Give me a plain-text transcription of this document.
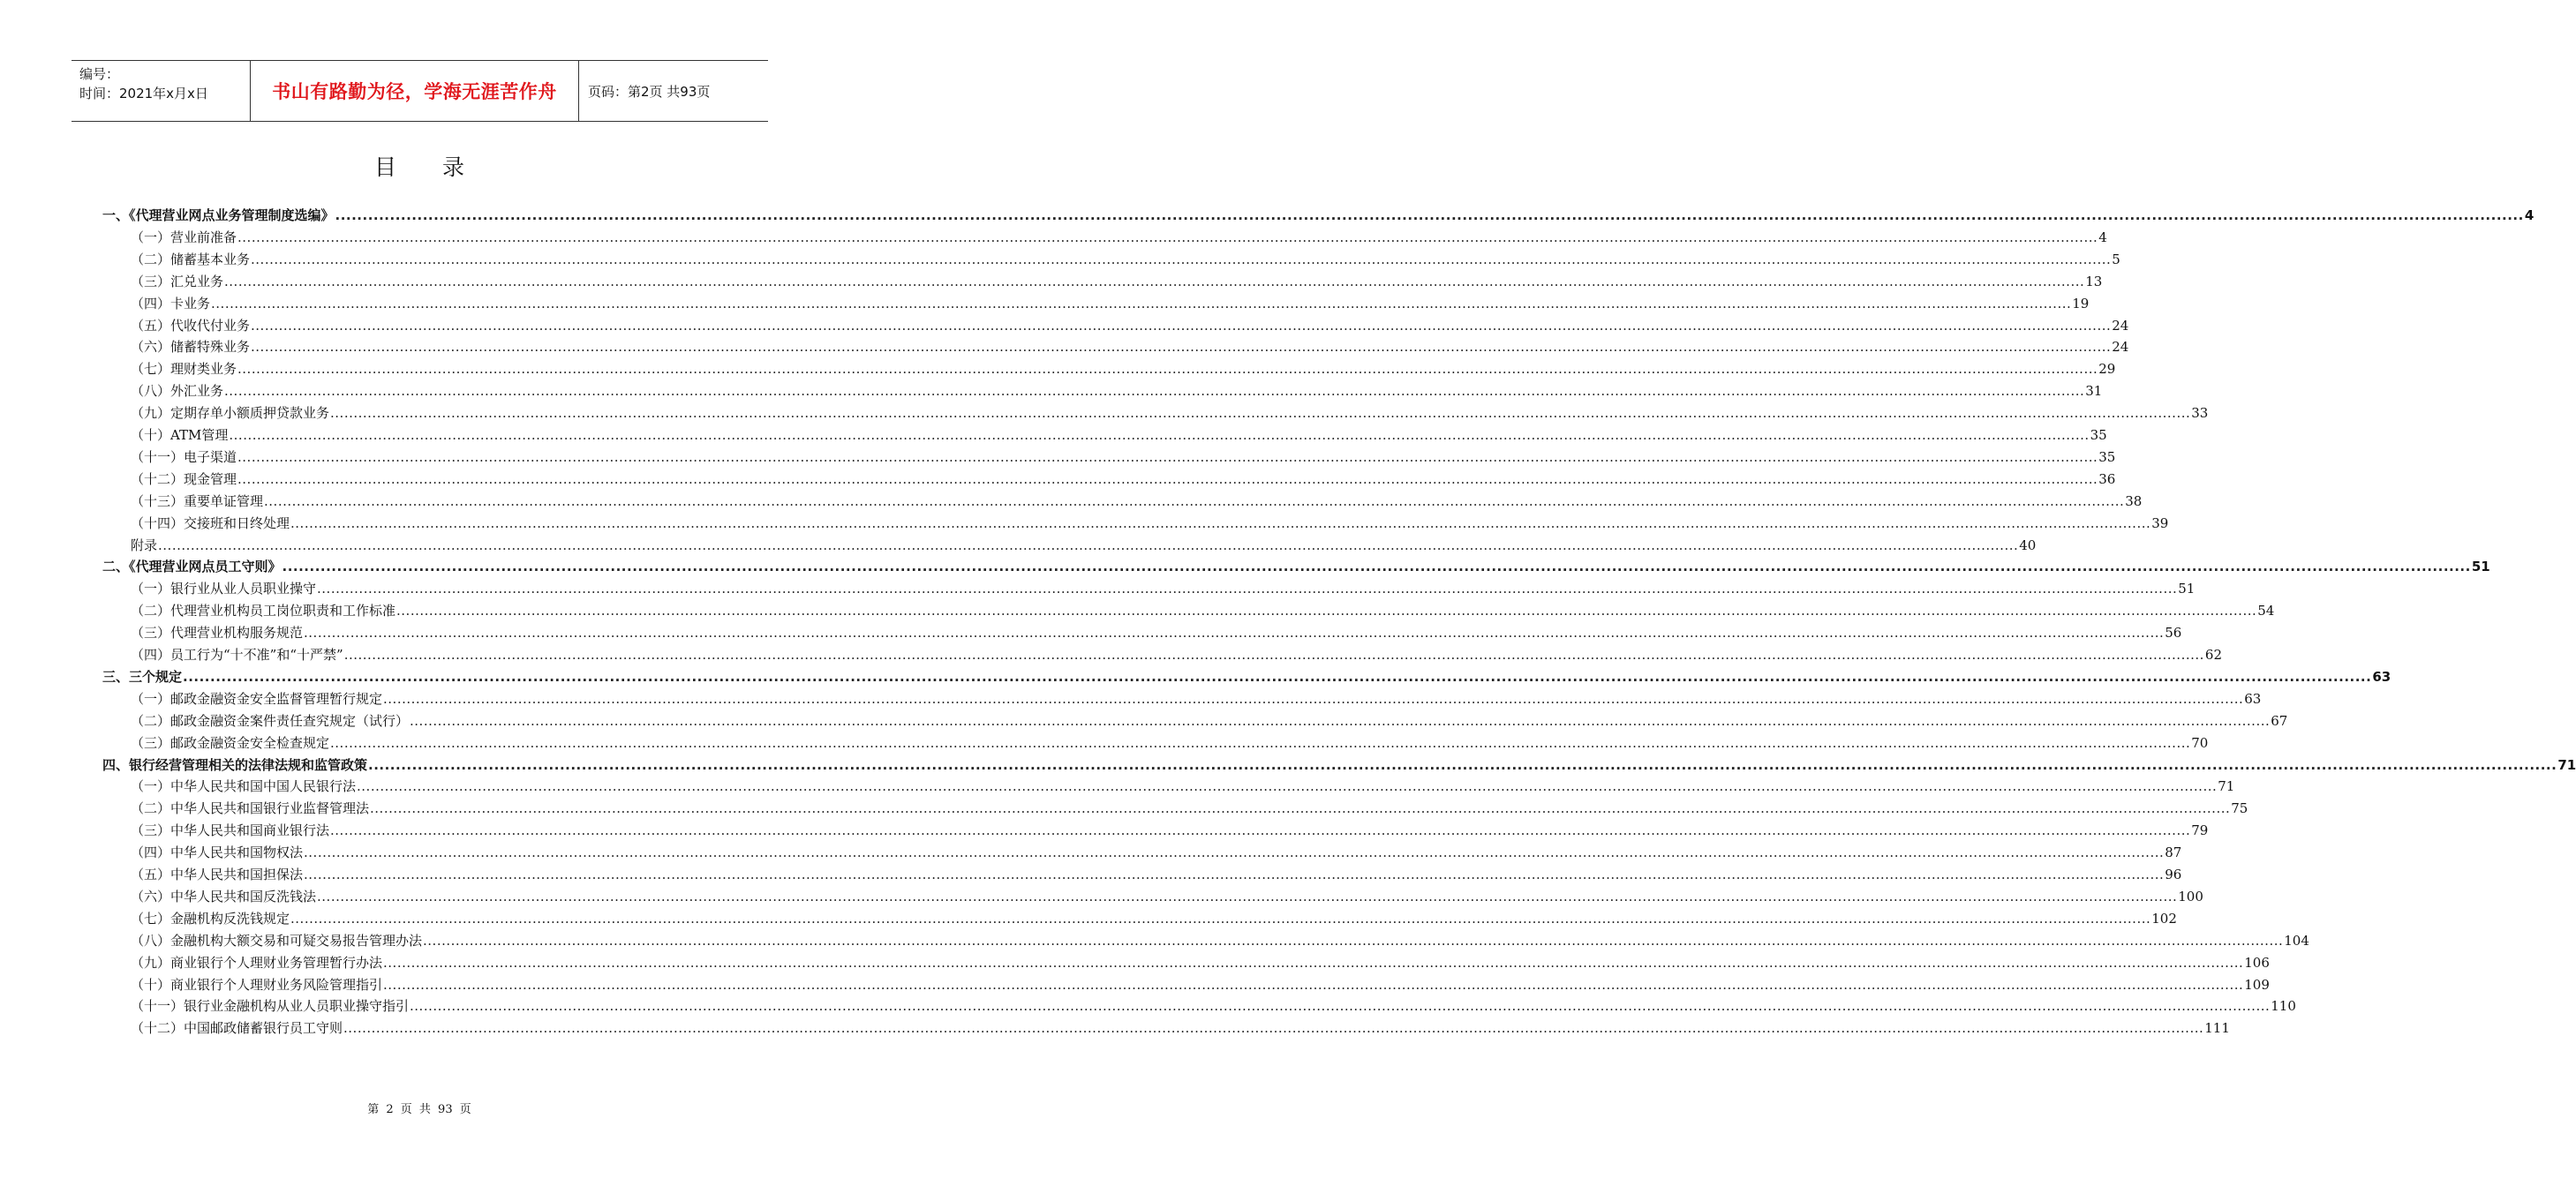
编号：
时间：2021年x月x日	书山有路勤为径，学海无涯苦作舟	页码：第2页 共93页
目 录
一、《代理营业网点业务管理制度选编》 ................................................................................................................................................................................................................................................................................................................................................................................................................ 4
（一）营业前准备 ................................................................................................................................................................................................................................................................................................................................................................................................................ 4
（二）储蓄基本业务 ................................................................................................................................................................................................................................................................................................................................................................................................................ 5
（三）汇兑业务 ................................................................................................................................................................................................................................................................................................................................................................................................................ 13
（四）卡业务 ................................................................................................................................................................................................................................................................................................................................................................................................................ 19
（五）代收代付业务 ................................................................................................................................................................................................................................................................................................................................................................................................................ 24
（六）储蓄特殊业务 ................................................................................................................................................................................................................................................................................................................................................................................................................ 24
（七）理财类业务 ................................................................................................................................................................................................................................................................................................................................................................................................................ 29
（八）外汇业务 ................................................................................................................................................................................................................................................................................................................................................................................................................ 31
（九）定期存单小额质押贷款业务 ................................................................................................................................................................................................................................................................................................................................................................................................................ 33
（十）ATM管理 ................................................................................................................................................................................................................................................................................................................................................................................................................ 35
（十一）电子渠道 ................................................................................................................................................................................................................................................................................................................................................................................................................ 35
（十二）现金管理 ................................................................................................................................................................................................................................................................................................................................................................................................................ 36
（十三）重要单证管理 ................................................................................................................................................................................................................................................................................................................................................................................................................ 38
（十四）交接班和日终处理 ................................................................................................................................................................................................................................................................................................................................................................................................................ 39
附录 ................................................................................................................................................................................................................................................................................................................................................................................................................ 40
二、《代理营业网点员工守则》 ................................................................................................................................................................................................................................................................................................................................................................................................................ 51
（一）银行业从业人员职业操守 ................................................................................................................................................................................................................................................................................................................................................................................................................ 51
（二）代理营业机构员工岗位职责和工作标准 ................................................................................................................................................................................................................................................................................................................................................................................................................ 54
（三）代理营业机构服务规范 ................................................................................................................................................................................................................................................................................................................................................................................................................ 56
（四）员工行为“十不准”和“十严禁” ................................................................................................................................................................................................................................................................................................................................................................................................................ 62
三、三个规定 ................................................................................................................................................................................................................................................................................................................................................................................................................ 63
（一）邮政金融资金安全监督管理暂行规定 ................................................................................................................................................................................................................................................................................................................................................................................................................ 63
（二）邮政金融资金案件责任查究规定（试行） ................................................................................................................................................................................................................................................................................................................................................................................................................ 67
（三）邮政金融资金安全检查规定 ................................................................................................................................................................................................................................................................................................................................................................................................................ 70
四、银行经营管理相关的法律法规和监管政策 ................................................................................................................................................................................................................................................................................................................................................................................................................ 71
（一）中华人民共和国中国人民银行法 ................................................................................................................................................................................................................................................................................................................................................................................................................ 71
（二）中华人民共和国银行业监督管理法 ................................................................................................................................................................................................................................................................................................................................................................................................................ 75
（三）中华人民共和国商业银行法 ................................................................................................................................................................................................................................................................................................................................................................................................................ 79
（四）中华人民共和国物权法 ................................................................................................................................................................................................................................................................................................................................................................................................................ 87
（五）中华人民共和国担保法 ................................................................................................................................................................................................................................................................................................................................................................................................................ 96
（六）中华人民共和国反洗钱法 ................................................................................................................................................................................................................................................................................................................................................................................................................ 100
（七）金融机构反洗钱规定 ................................................................................................................................................................................................................................................................................................................................................................................................................ 102
（八）金融机构大额交易和可疑交易报告管理办法 ................................................................................................................................................................................................................................................................................................................................................................................................................ 104
（九）商业银行个人理财业务管理暂行办法 ................................................................................................................................................................................................................................................................................................................................................................................................................ 106
（十）商业银行个人理财业务风险管理指引 ................................................................................................................................................................................................................................................................................................................................................................................................................ 109
（十一）银行业金融机构从业人员职业操守指引 ................................................................................................................................................................................................................................................................................................................................................................................................................ 110
（十二）中国邮政储蓄银行员工守则 ................................................................................................................................................................................................................................................................................................................................................................................................................ 111
第 2 页 共 93 页
